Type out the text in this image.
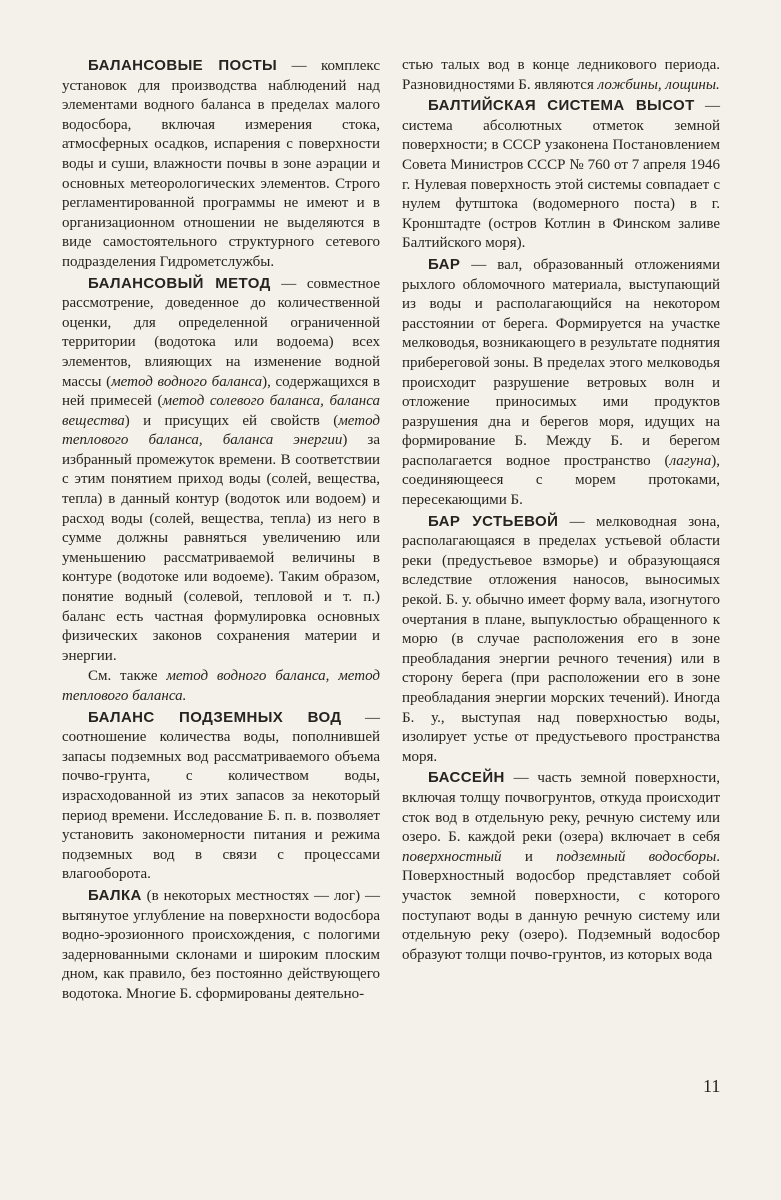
БАЛАНСОВЫЕ ПОСТЫ — комплекс установок для производства наблюдений над элементами водного баланса в пределах малого водосбора, включая измерения стока, атмосферных осадков, испарения с поверхности воды и суши, влажности почвы в зоне аэрации и основных метеорологических элементов. Строго регламентированной программы не имеют и в организационном отношении не выделяются в виде самостоятельного структурного сетевого подразделения Гидрометслужбы.

БАЛАНСОВЫЙ МЕТОД — совместное рассмотрение, доведенное до количественной оценки, для определенной ограниченной территории (водотока или водоема) всех элементов, влияющих на изменение водной массы (метод водного баланса), содержащихся в ней примесей (метод солевого баланса, баланса вещества) и присущих ей свойств (метод теплового баланса, баланса энергии) за избранный промежуток времени. В соответствии с этим понятием приход воды (солей, вещества, тепла) в данный контур (водоток или водоем) и расход воды (солей, вещества, тепла) из него в сумме должны равняться увеличению или уменьшению рассматриваемой величины в контуре (водотоке или водоеме). Таким образом, понятие водный (солевой, тепловой и т. п.) баланс есть частная формулировка основных физических законов сохранения материи и энергии.

См. также метод водного баланса, метод теплового баланса.

БАЛАНС ПОДЗЕМНЫХ ВОД — соотношение количества воды, пополнившей запасы подземных вод рассматриваемого объема почво-грунта, с количеством воды, израсходованной из этих запасов за некоторый период времени. Исследование Б. п. в. позволяет установить закономерности питания и режима подземных вод в связи с процессами влагооборота.

БАЛКА (в некоторых местностях — лог) — вытянутое углубление на поверхности водосбора водно-эрозионного происхождения, с пологими задернованными склонами и широким плоским дном, как правило, без постоянно действующего водотока. Многие Б. сформированы деятельно-

стью талых вод в конце ледникового периода. Разновидностями Б. являются ложбины, лощины.

БАЛТИЙСКАЯ СИСТЕМА ВЫСОТ — система абсолютных отметок земной поверхности; в СССР узаконена Постановлением Совета Министров СССР № 760 от 7 апреля 1946 г. Нулевая поверхность этой системы совпадает с нулем футштока (водомерного поста) в г. Кронштадте (остров Котлин в Финском заливе Балтийского моря).

БАР — вал, образованный отложениями рыхлого обломочного материала, выступающий из воды и располагающийся на некотором расстоянии от берега. Формируется на участке мелководья, возникающего в результате поднятия прибереговой зоны. В пределах этого мелководья происходит разрушение ветровых волн и отложение приносимых ими продуктов разрушения дна и берегов моря, идущих на формирование Б. Между Б. и берегом располагается водное пространство (лагуна), соединяющееся с морем протоками, пересекающими Б.

БАР УСТЬЕВОЙ — мелководная зона, располагающаяся в пределах устьевой области реки (предустьевое взморье) и образующаяся вследствие отложения наносов, выносимых рекой. Б. у. обычно имеет форму вала, изогнутого очертания в плане, выпуклостью обращенного к морю (в случае расположения его в зоне преобладания энергии речного течения) или в сторону берега (при расположении его в зоне преобладания энергии морских течений). Иногда Б. у., выступая над поверхностью воды, изолирует устье от предустьевого пространства моря.

БАССЕЙН — часть земной поверхности, включая толщу почвогрунтов, откуда происходит сток вод в отдельную реку, речную систему или озеро. Б. каждой реки (озера) включает в себя поверхностный и подземный водосборы. Поверхностный водосбор представляет собой участок земной поверхности, с которого поступают воды в данную речную систему или отдельную реку (озеро). Подземный водосбор образуют толщи почво-грунтов, из которых вода

11
